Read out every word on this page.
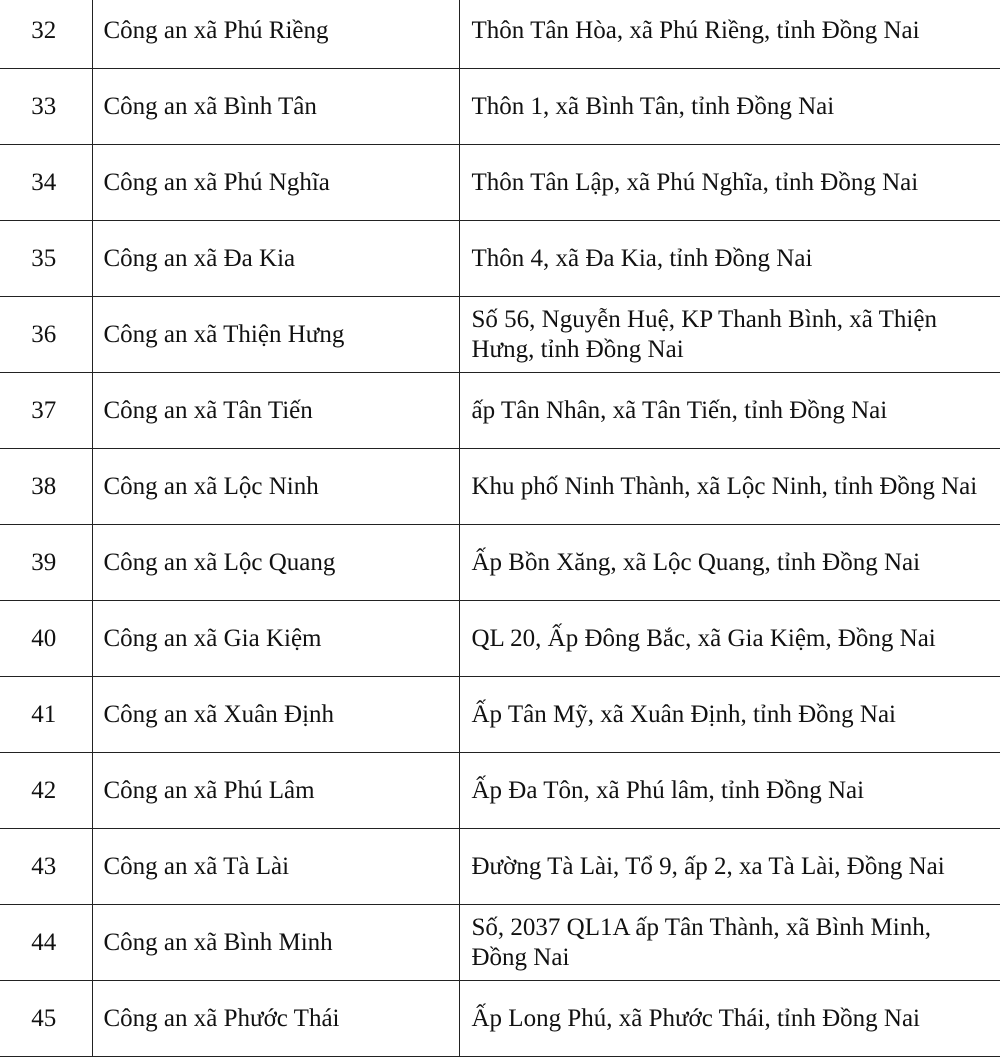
32	Công an xã Phú Riềng	Thôn Tân Hòa, xã Phú Riềng, tỉnh Đồng Nai
33	Công an xã Bình Tân	Thôn 1, xã Bình Tân, tỉnh Đồng Nai
34	Công an xã Phú Nghĩa	Thôn Tân Lập, xã Phú Nghĩa, tỉnh Đồng Nai
35	Công an xã Đa Kia	Thôn 4, xã Đa Kia, tỉnh Đồng Nai
36	Công an xã Thiện Hưng	Số 56, Nguyễn Huệ, KP Thanh Bình, xã Thiện Hưng, tỉnh Đồng Nai
37	Công an xã Tân Tiến	ấp Tân Nhân, xã Tân Tiến, tỉnh Đồng Nai
38	Công an xã Lộc Ninh	Khu phố Ninh Thành, xã Lộc Ninh, tỉnh Đồng Nai
39	Công an xã Lộc Quang	Ấp Bồn Xăng, xã Lộc Quang, tỉnh Đồng Nai
40	Công an xã Gia Kiệm	QL 20, Ấp Đông Bắc, xã Gia Kiệm, Đồng Nai
41	Công an xã Xuân Định	Ấp Tân Mỹ, xã Xuân Định, tỉnh Đồng Nai
42	Công an xã Phú Lâm	Ấp Đa Tôn, xã Phú lâm, tỉnh Đồng Nai
43	Công an xã Tà Lài	Đường Tà Lài, Tổ 9, ấp 2, xa Tà Lài, Đồng Nai
44	Công an xã Bình Minh	Số, 2037 QL1A ấp Tân Thành, xã Bình Minh, Đồng Nai
45	Công an xã Phước Thái	Ấp Long Phú, xã Phước Thái, tỉnh Đồng Nai
